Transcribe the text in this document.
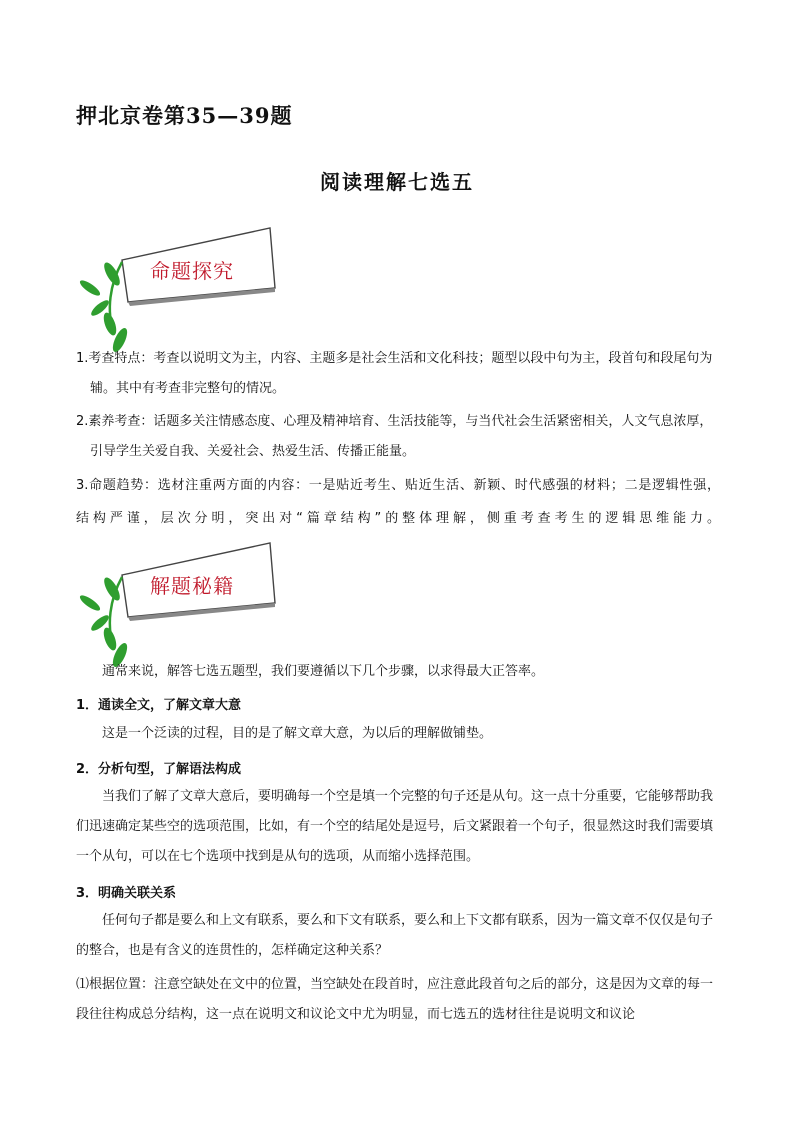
押北京卷第35—39题
阅读理解七选五
命题探究

1.考查特点：考查以说明文为主，内容、主题多是社会生活和文化科技；题型以段中句为主，段首句和段尾句为辅。其中有考查非完整句的情况。

2.素养考查：话题多关注情感态度、心理及精神培育、生活技能等，与当代社会生活紧密相关，人文气息浓厚，引导学生关爱自我、关爱社会、热爱生活、传播正能量。

3.命题趋势：选材注重两方面的内容：一是贴近考生、贴近生活、新颖、时代感强的材料；二是逻辑性强，

结构严谨，层次分明，突出对“篇章结构”的整体理解，侧重考查考生的逻辑思维能力。

解题秘籍

通常来说，解答七选五题型，我们要遵循以下几个步骤，以求得最大正答率。

1．通读全文，了解文章大意

这是一个泛读的过程，目的是了解文章大意，为以后的理解做铺垫。

2．分析句型，了解语法构成

当我们了解了文章大意后，要明确每一个空是填一个完整的句子还是从句。这一点十分重要，它能够帮助我们迅速确定某些空的选项范围，比如，有一个空的结尾处是逗号，后文紧跟着一个句子，很显然这时我们需要填一个从句，可以在七个选项中找到是从句的选项，从而缩小选择范围。

3．明确关联关系

任何句子都是要么和上文有联系，要么和下文有联系，要么和上下文都有联系，因为一篇文章不仅仅是句子的整合，也是有含义的连贯性的，怎样确定这种关系？

⑴根据位置：注意空缺处在文中的位置，当空缺处在段首时，应注意此段首句之后的部分，这是因为文章的每一段往往构成总分结构，这一点在说明文和议论文中尤为明显，而七选五的选材往往是说明文和议论
